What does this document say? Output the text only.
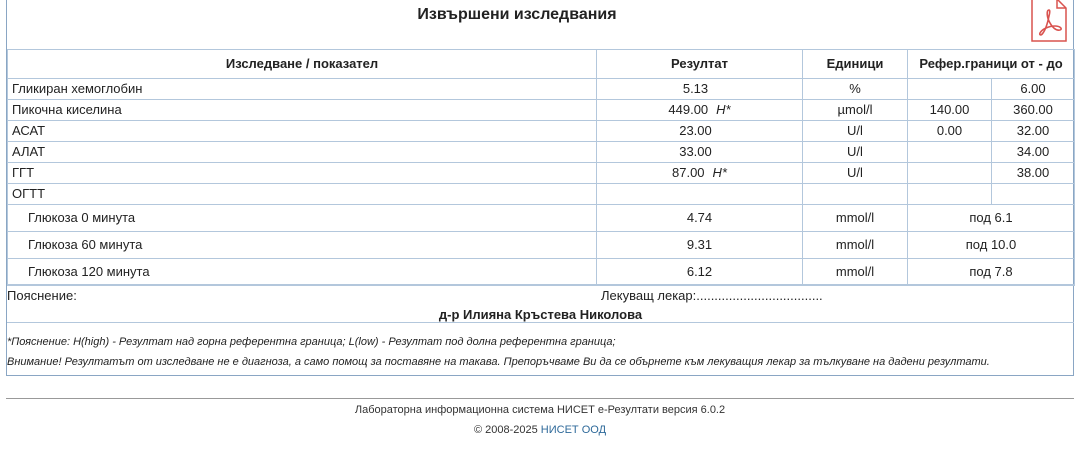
Извършени изследвания
Изследване / показател	Резултат	Единици	Рефер.граници от - до	
Гликиран хемоглобин	5.13	%		6.00
Пикочна киселина	449.00 H*	µmol/l	140.00	360.00
АСАТ	23.00	U/l	0.00	32.00
АЛАТ	33.00	U/l		34.00
ГГТ	87.00 H*	U/l		38.00
ОГТТ				
Глюкоза 0 минута	4.74	mmol/l	под 6.1	
Глюкоза 60 минута	9.31	mmol/l	под 10.0	
Глюкоза 120 минута	6.12	mmol/l	под 7.8	
Пояснение:	Лекуващ лекар:...................................
д-р Илияна Кръстева Николова
*Пояснение: H(high) - Резултат над горна референтна граница; L(low) - Резултат под долна референтна граница;
Внимание! Резултатът от изследване не е диагноза, а само помощ за поставяне на такава. Препоръчваме Ви да се обърнете към лекуващия лекар за тълкуване на дадени резултати.
Лабораторна информационна система НИСЕТ е-Резултати версия 6.0.2
© 2008-2025 НИСЕТ ООД
